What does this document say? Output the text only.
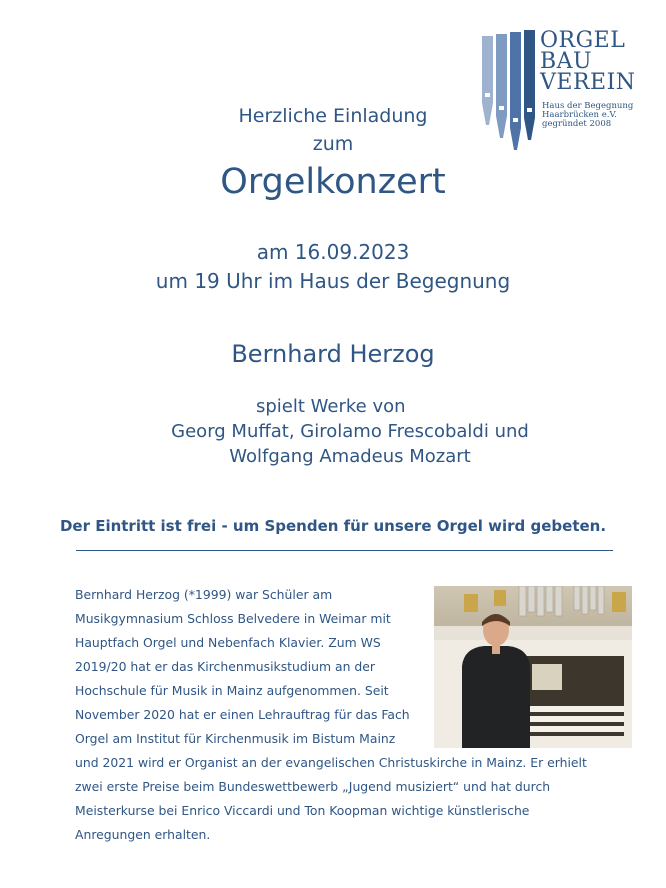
ORGEL
BAU
VEREIN
Haus der Begegnung
Haarbrücken e.V.
gegründet 2008
Herzliche Einladung
zum
Orgelkonzert
am 16.09.2023
um 19 Uhr im Haus der Begegnung
Bernhard Herzog
spielt Werke von
Georg Muffat, Girolamo Frescobaldi und
Wolfgang Amadeus Mozart
Der Eintritt ist frei - um Spenden für unsere Orgel wird gebeten.

Bernhard Herzog (*1999) war Schüler am Musikgymnasium Schloss Belvedere in Weimar mit Hauptfach Orgel und Nebenfach Klavier. Zum WS 2019/20 hat er das Kirchenmusikstudium an der Hochschule für Musik in Mainz aufgenommen. Seit November 2020 hat er einen Lehrauftrag für das Fach Orgel am Institut für Kirchenmusik im Bistum Mainz und 2021 wird er Organist an der evangelischen Christuskirche in Mainz. Er erhielt zwei erste Preise beim Bundeswettbewerb „Jugend musiziert“ und hat durch Meisterkurse bei Enrico Viccardi und Ton Koopman wichtige künstlerische Anregungen erhalten.
